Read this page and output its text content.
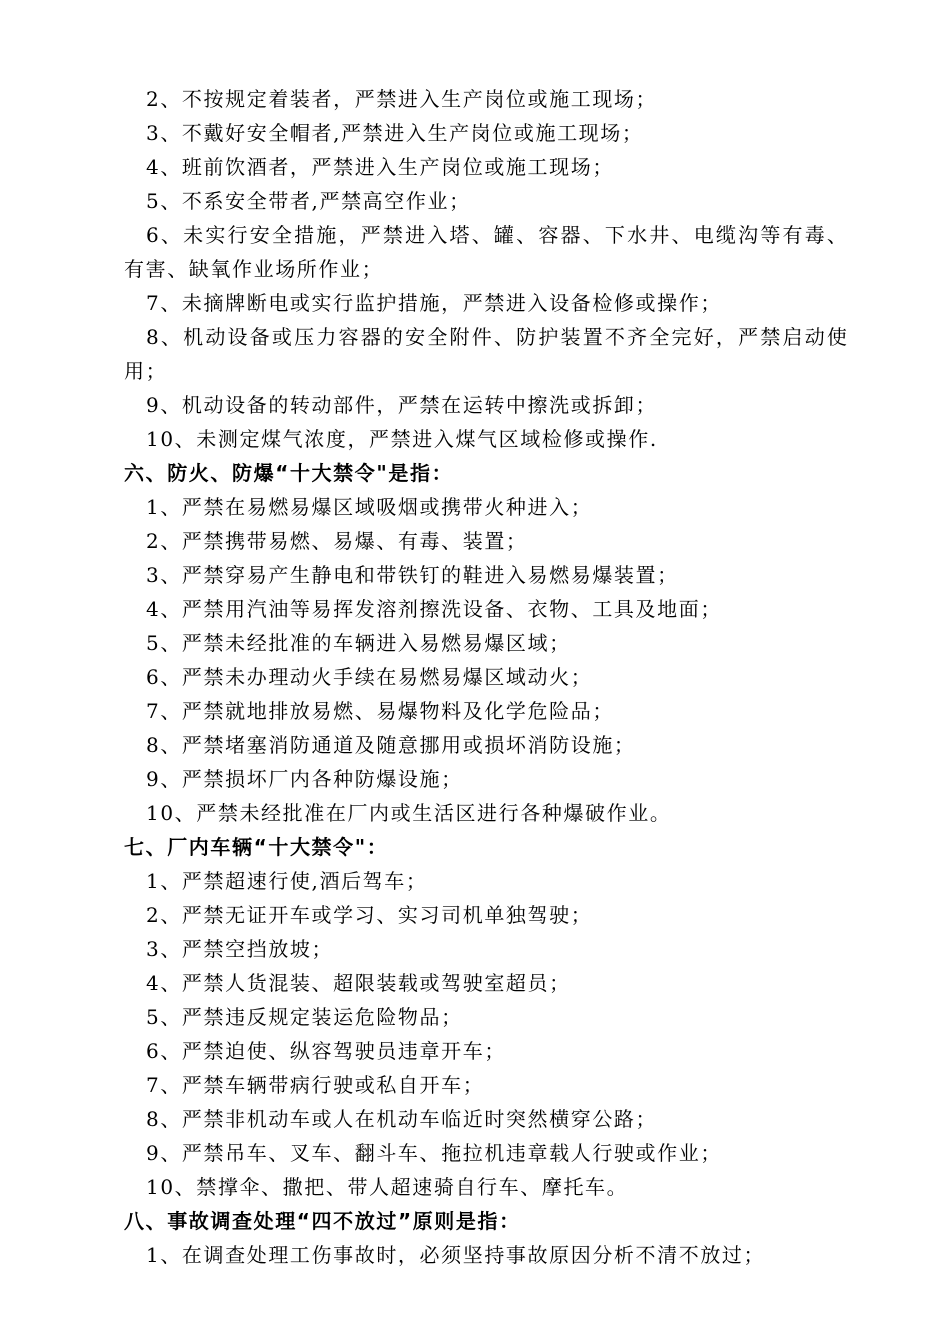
2、不按规定着装者，严禁进入生产岗位或施工现场；
3、不戴好安全帽者,严禁进入生产岗位或施工现场；
4、班前饮酒者，严禁进入生产岗位或施工现场；
5、不系安全带者,严禁高空作业；
6、未实行安全措施，严禁进入塔、罐、容器、下水井、电缆沟等有毒、
有害、缺氧作业场所作业；
7、未摘牌断电或实行监护措施，严禁进入设备检修或操作；
8、机动设备或压力容器的安全附件、防护装置不齐全完好，严禁启动使
用；
9、机动设备的转动部件，严禁在运转中擦洗或拆卸；
10、未测定煤气浓度，严禁进入煤气区域检修或操作.
六、防火、防爆“十大禁令"是指：
1、严禁在易燃易爆区域吸烟或携带火种进入；
2、严禁携带易燃、易爆、有毒、装置；
3、严禁穿易产生静电和带铁钉的鞋进入易燃易爆装置；
4、严禁用汽油等易挥发溶剂擦洗设备、衣物、工具及地面；
5、严禁未经批准的车辆进入易燃易爆区域；
6、严禁未办理动火手续在易燃易爆区域动火；
7、严禁就地排放易燃、易爆物料及化学危险品；
8、严禁堵塞消防通道及随意挪用或损坏消防设施；
9、严禁损坏厂内各种防爆设施；
10、严禁未经批准在厂内或生活区进行各种爆破作业。
七、厂内车辆“十大禁令"：
1、严禁超速行使,酒后驾车；
2、严禁无证开车或学习、实习司机单独驾驶；
3、严禁空挡放坡；
4、严禁人货混装、超限装载或驾驶室超员；
5、严禁违反规定装运危险物品；
6、严禁迫使、纵容驾驶员违章开车；
7、严禁车辆带病行驶或私自开车；
8、严禁非机动车或人在机动车临近时突然横穿公路；
9、严禁吊车、叉车、翻斗车、拖拉机违章载人行驶或作业；
10、禁撑伞、撒把、带人超速骑自行车、摩托车。
八、事故调查处理“四不放过”原则是指：
1、在调查处理工伤事故时，必须坚持事故原因分析不清不放过；
